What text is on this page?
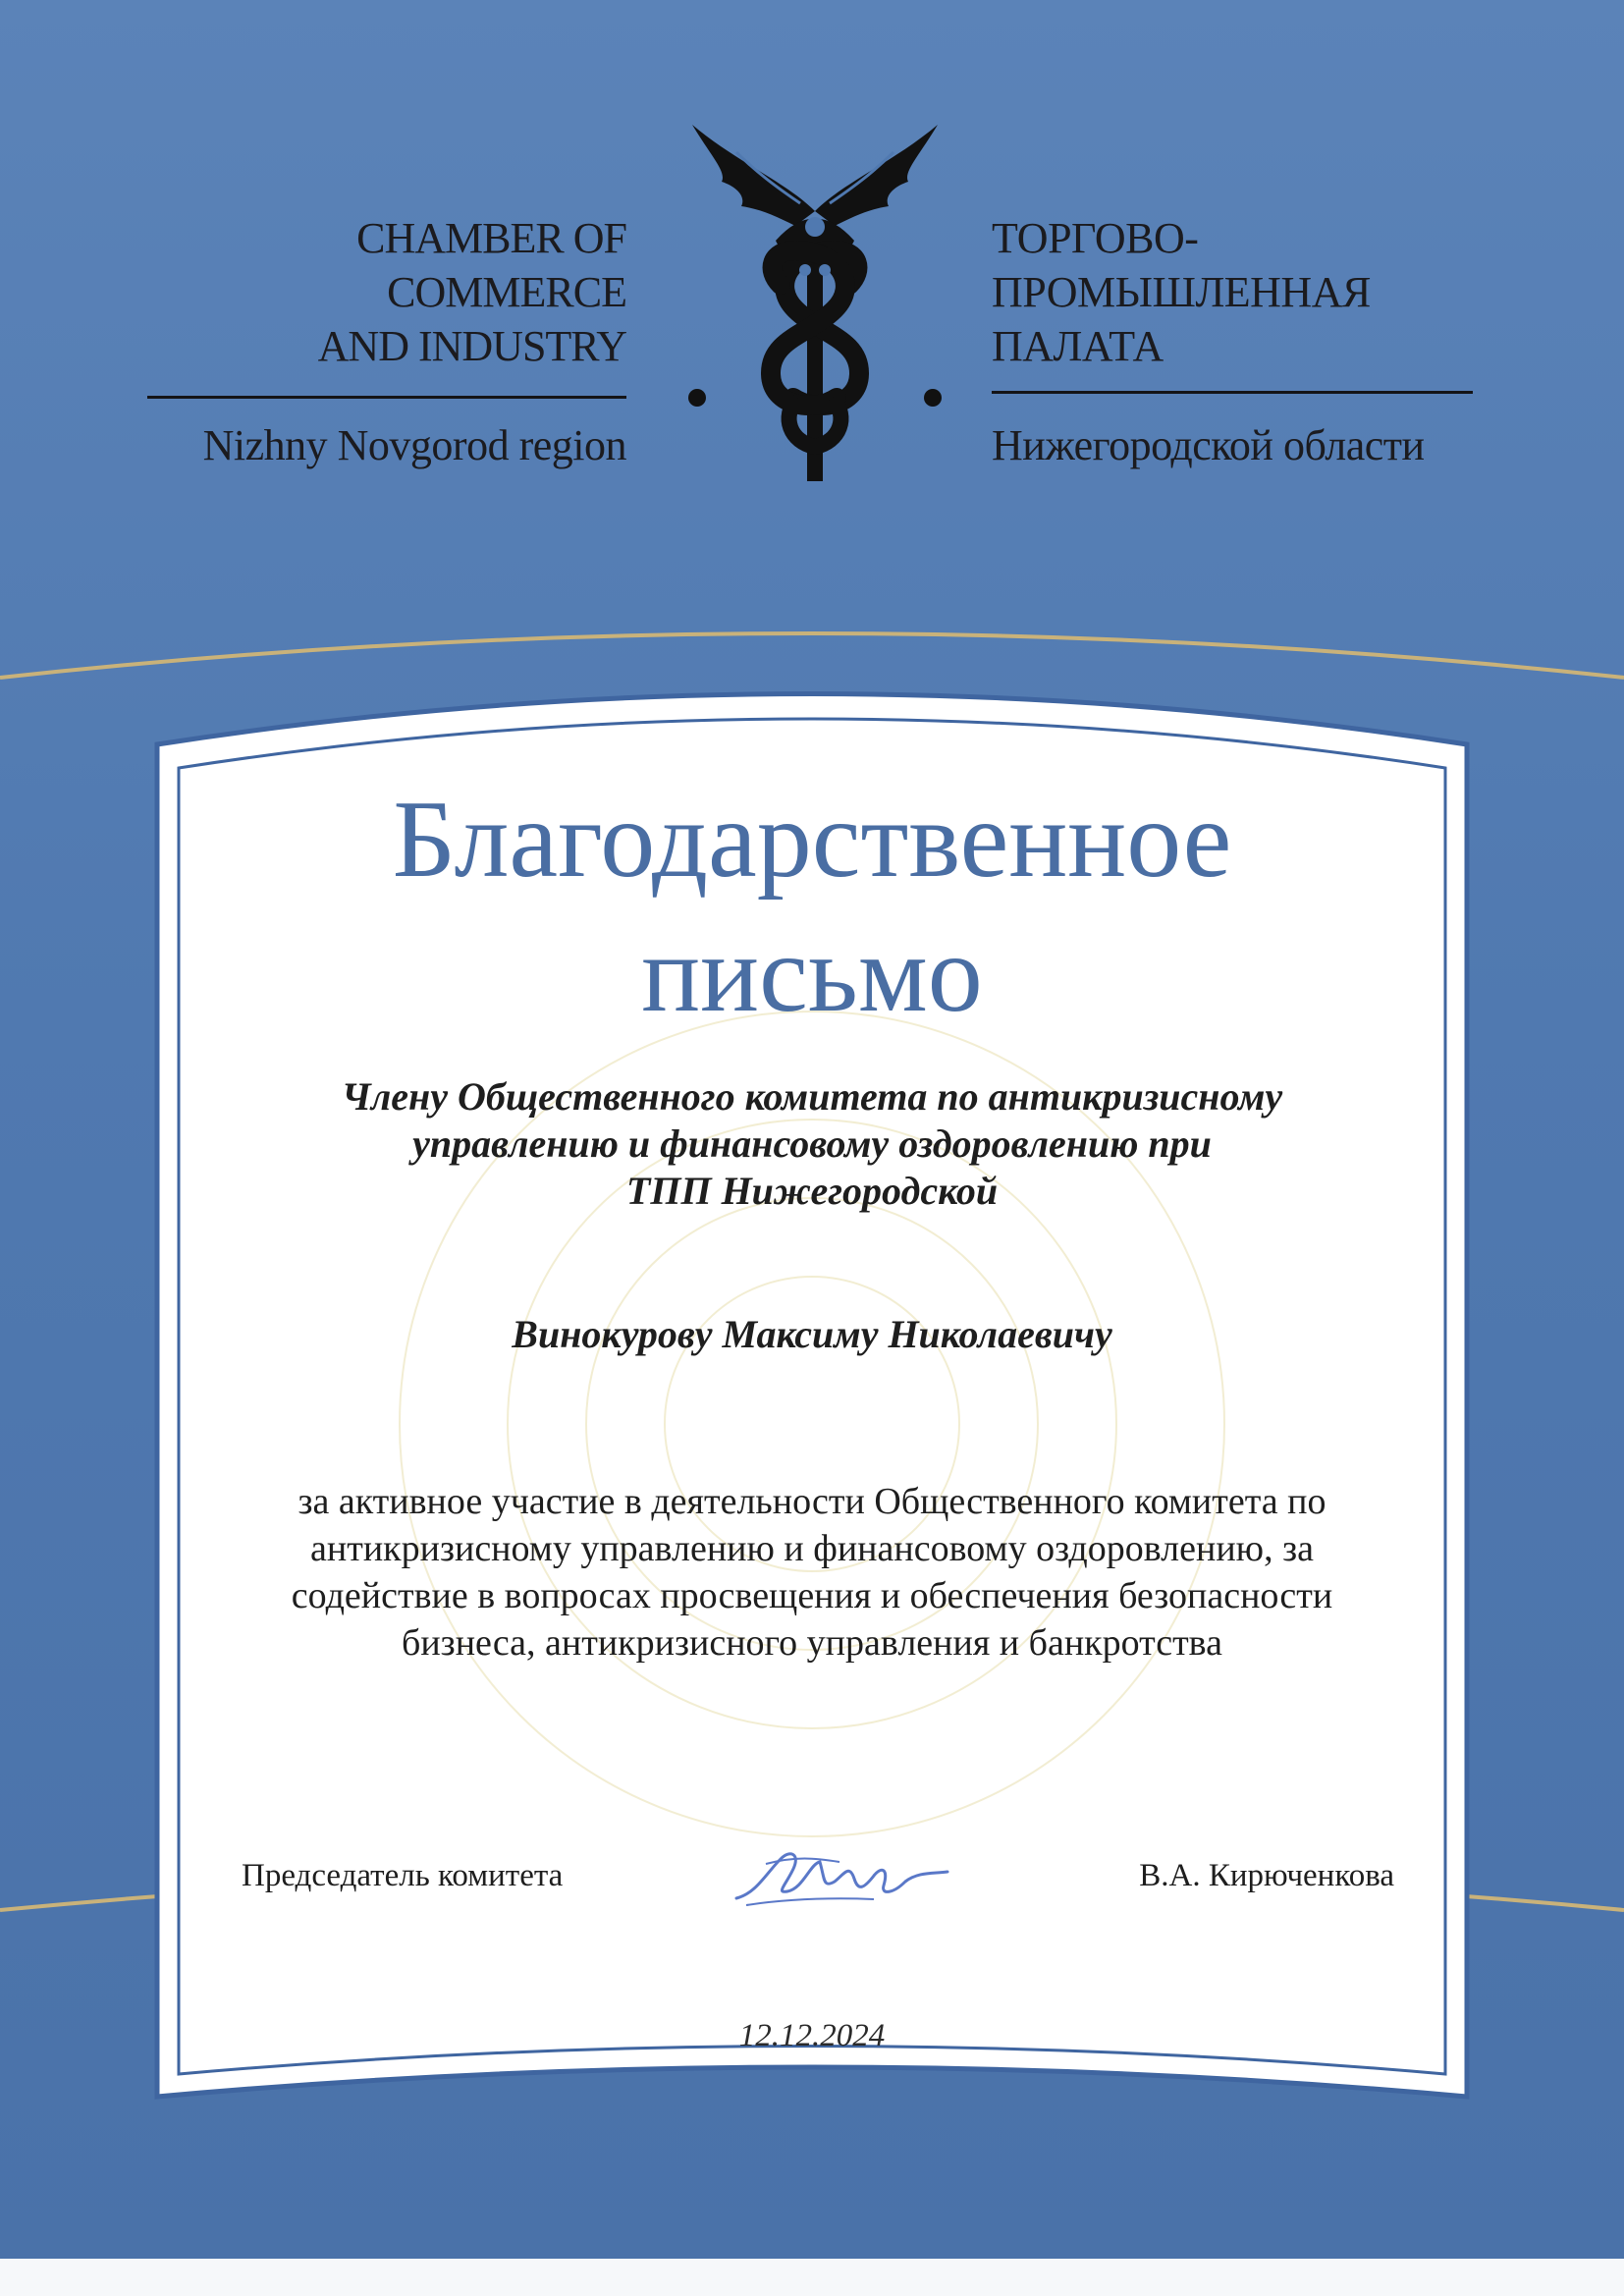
CHAMBER OF
COMMERCE
AND INDUSTRY
Nizhny Novgorod region
ТОРГОВО-
ПРОМЫШЛЕННАЯ
ПАЛАТА
Нижегородской области
Благодарственное
письмо
Члену Общественного комитета по антикризисному
управлению и финансовому оздоровлению при
ТПП Нижегородской
Винокурову Максиму Николаевичу
за активное участие в деятельности Общественного комитета по
антикризисному управлению и финансовому оздоровлению, за
содействие в вопросах просвещения и обеспечения безопасности
бизнеса, антикризисного управления и банкротства
Председатель комитета	В.А. Кирюченкова
12.12.2024
